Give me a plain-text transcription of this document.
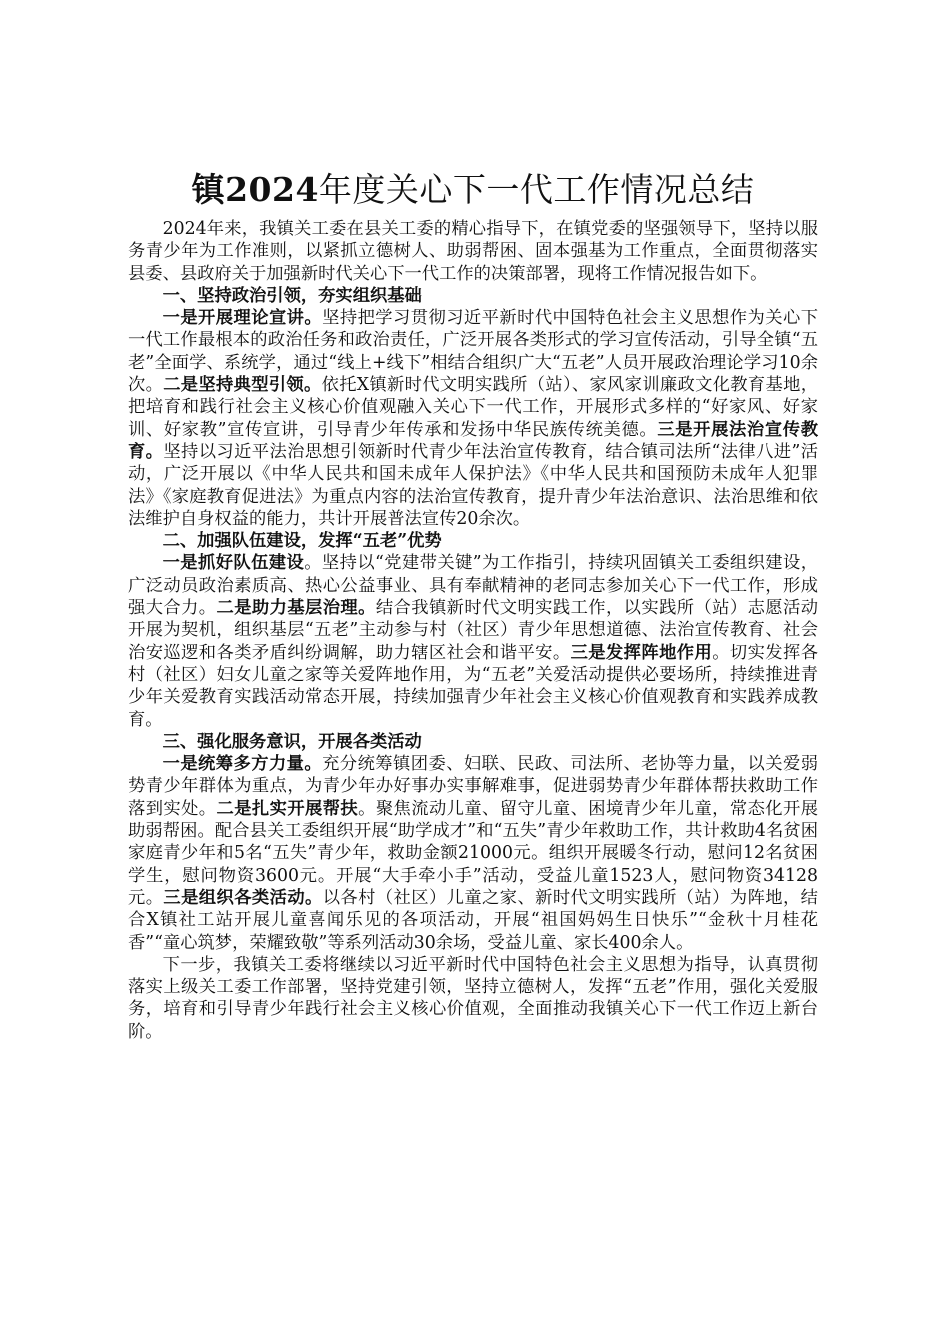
镇2024年度关心下一代工作情况总结

2024年来，我镇关工委在县关工委的精心指导下，在镇党委的坚强领导下，坚持以服务青少年为工作准则，以紧抓立德树人、助弱帮困、固本强基为工作重点，全面贯彻落实县委、县政府关于加强新时代关心下一代工作的决策部署，现将工作情况报告如下。

一、坚持政治引领，夯实组织基础

一是开展理论宣讲。坚持把学习贯彻习近平新时代中国特色社会主义思想作为关心下一代工作最根本的政治任务和政治责任，广泛开展各类形式的学习宣传活动，引导全镇“五老”全面学、系统学，通过“线上+线下”相结合组织广大“五老”人员开展政治理论学习10余次。二是坚持典型引领。依托X镇新时代文明实践所（站）、家风家训廉政文化教育基地，把培育和践行社会主义核心价值观融入关心下一代工作，开展形式多样的“好家风、好家训、好家教”宣传宣讲，引导青少年传承和发扬中华民族传统美德。三是开展法治宣传教育。坚持以习近平法治思想引领新时代青少年法治宣传教育，结合镇司法所“法律八进”活动，广泛开展以《中华人民共和国未成年人保护法》《中华人民共和国预防未成年人犯罪法》《家庭教育促进法》为重点内容的法治宣传教育，提升青少年法治意识、法治思维和依法维护自身权益的能力，共计开展普法宣传20余次。

二、加强队伍建设，发挥“五老”优势

一是抓好队伍建设。坚持以“党建带关键”为工作指引，持续巩固镇关工委组织建设，广泛动员政治素质高、热心公益事业、具有奉献精神的老同志参加关心下一代工作，形成强大合力。二是助力基层治理。结合我镇新时代文明实践工作，以实践所（站）志愿活动开展为契机，组织基层“五老”主动参与村（社区）青少年思想道德、法治宣传教育、社会治安巡逻和各类矛盾纠纷调解，助力辖区社会和谐平安。三是发挥阵地作用。切实发挥各村（社区）妇女儿童之家等关爱阵地作用，为“五老”关爱活动提供必要场所，持续推进青少年关爱教育实践活动常态开展，持续加强青少年社会主义核心价值观教育和实践养成教育。

三、强化服务意识，开展各类活动

一是统筹多方力量。充分统筹镇团委、妇联、民政、司法所、老协等力量，以关爱弱势青少年群体为重点，为青少年办好事办实事解难事，促进弱势青少年群体帮扶救助工作落到实处。二是扎实开展帮扶。聚焦流动儿童、留守儿童、困境青少年儿童，常态化开展助弱帮困。配合县关工委组织开展“助学成才”和“五失”青少年救助工作，共计救助4名贫困家庭青少年和5名“五失”青少年，救助金额21000元。组织开展暖冬行动，慰问12名贫困学生，慰问物资3600元。开展“大手牵小手”活动，受益儿童1523人，慰问物资34128元。三是组织各类活动。以各村（社区）儿童之家、新时代文明实践所（站）为阵地，结合X镇社工站开展儿童喜闻乐见的各项活动，开展“祖国妈妈生日快乐”“金秋十月桂花香”“童心筑梦，荣耀致敬”等系列活动30余场，受益儿童、家长400余人。

下一步，我镇关工委将继续以习近平新时代中国特色社会主义思想为指导，认真贯彻落实上级关工委工作部署，坚持党建引领，坚持立德树人，发挥“五老”作用，强化关爱服务，培育和引导青少年践行社会主义核心价值观，全面推动我镇关心下一代工作迈上新台阶。
